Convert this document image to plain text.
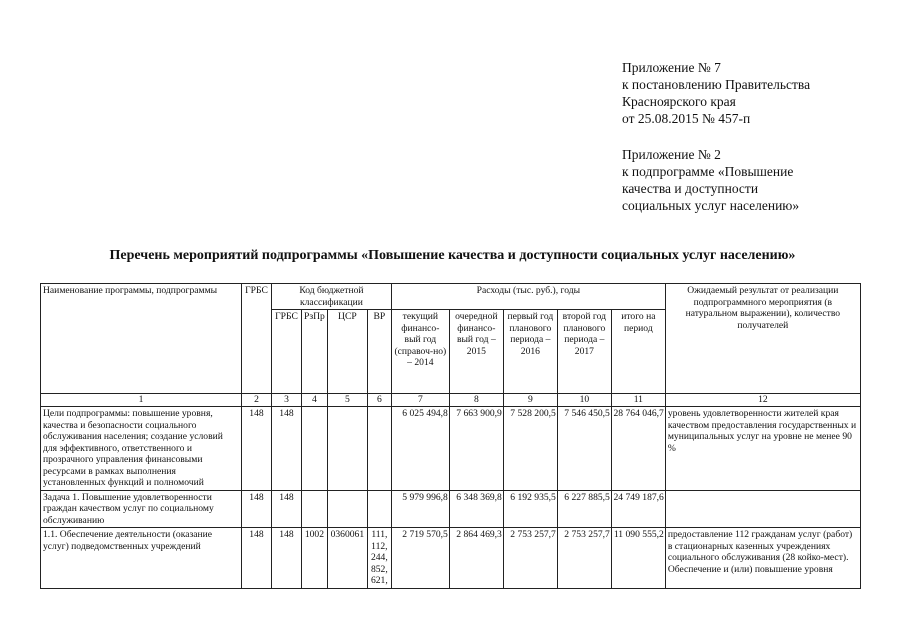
Приложение № 7
к постановлению Правительства
Красноярского края
от 25.08.2015 № 457-п
Приложение № 2
к подпрограмме «Повышение
качества и доступности
социальных услуг населению»
Перечень мероприятий подпрограммы «Повышение качества и доступности социальных услуг населению»
Наименование программы, подпрограммы	ГРБС	Код бюджетной классификации				Расходы (тыс. руб.), годы					Ожидаемый результат от реализации подпрограммного мероприятия (в натуральном выражении), количество получателей
		ГРБС	РзПр	ЦСР	ВР	текущий финансо-вый год (справоч-но) – 2014	очередной финансо-вый год – 2015	первый год планового периода – 2016	второй год планового периода – 2017	итого на период	
1	2	3	4	5	6	7	8	9	10	11	12
Цели подпрограммы: повышение уровня, качества и безопасности социального обслуживания населения; создание условий для эффективного, ответственного и прозрачного управления финансовыми ресурсами в рамках выполнения установленных функций и полномочий	148	148				6 025 494,8	7 663 900,9	7 528 200,5	7 546 450,5	28 764 046,7	уровень удовлетворенности жителей края качеством предоставления государственных и муниципальных услуг на уровне не менее 90 %
Задача 1. Повышение удовлетворенности граждан качеством услуг по социальному обслуживанию	148	148				5 979 996,8	6 348 369,8	6 192 935,5	6 227 885,5	24 749 187,6	
1.1. Обеспечение деятельности (оказание услуг) подведомственных учреждений	148	148	1002	0360061	111, 112, 244, 852, 621,	2 719 570,5	2 864 469,3	2 753 257,7	2 753 257,7	11 090 555,2	предоставление 112 гражданам услуг (работ) в стационарных казенных учреждениях социального обслуживания (28 койко-мест). Обеспечение и (или) повышение уровня
